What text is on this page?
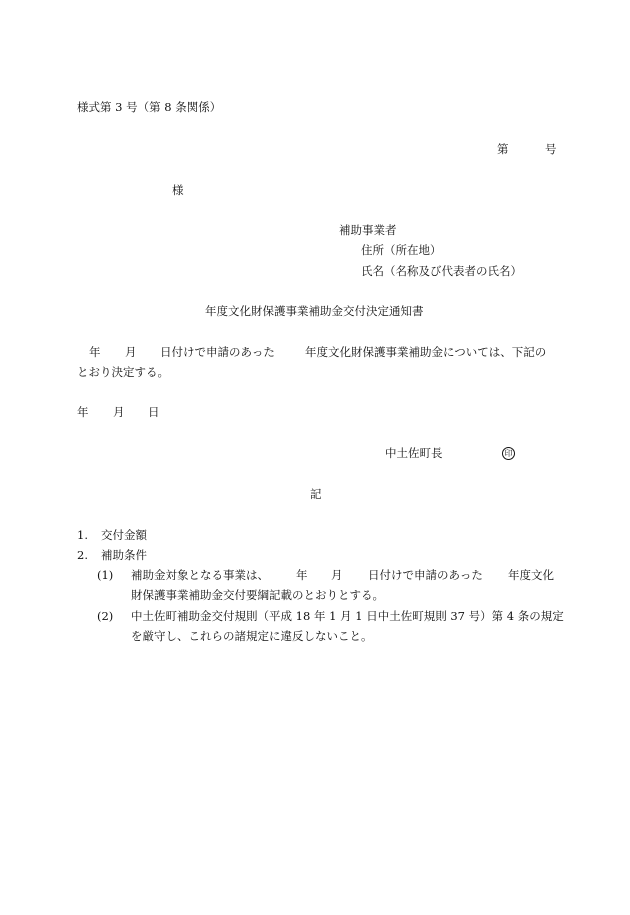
様式第 3 号（第 8 条関係）
第	号
様
補助事業者
住所（所在地）
氏名（名称及び代表者の氏名）
年度文化財保護事業補助金交付決定通知書
年 月 日付けで申請のあった	年度文化財保護事業補助金については、下記の
とおり決定する。
年 月 日
中土佐町長	印
記
1. 交付金額
2. 補助条件
(1) 補助金対象となる事業は、 年 月 日付けで申請のあった 年度文化
財保護事業補助金交付要綱記載のとおりとする。
(2) 中土佐町補助金交付規則（平成 18 年 1 月 1 日中土佐町規則 37 号）第 4 条の規定
を厳守し、これらの諸規定に違反しないこと。
